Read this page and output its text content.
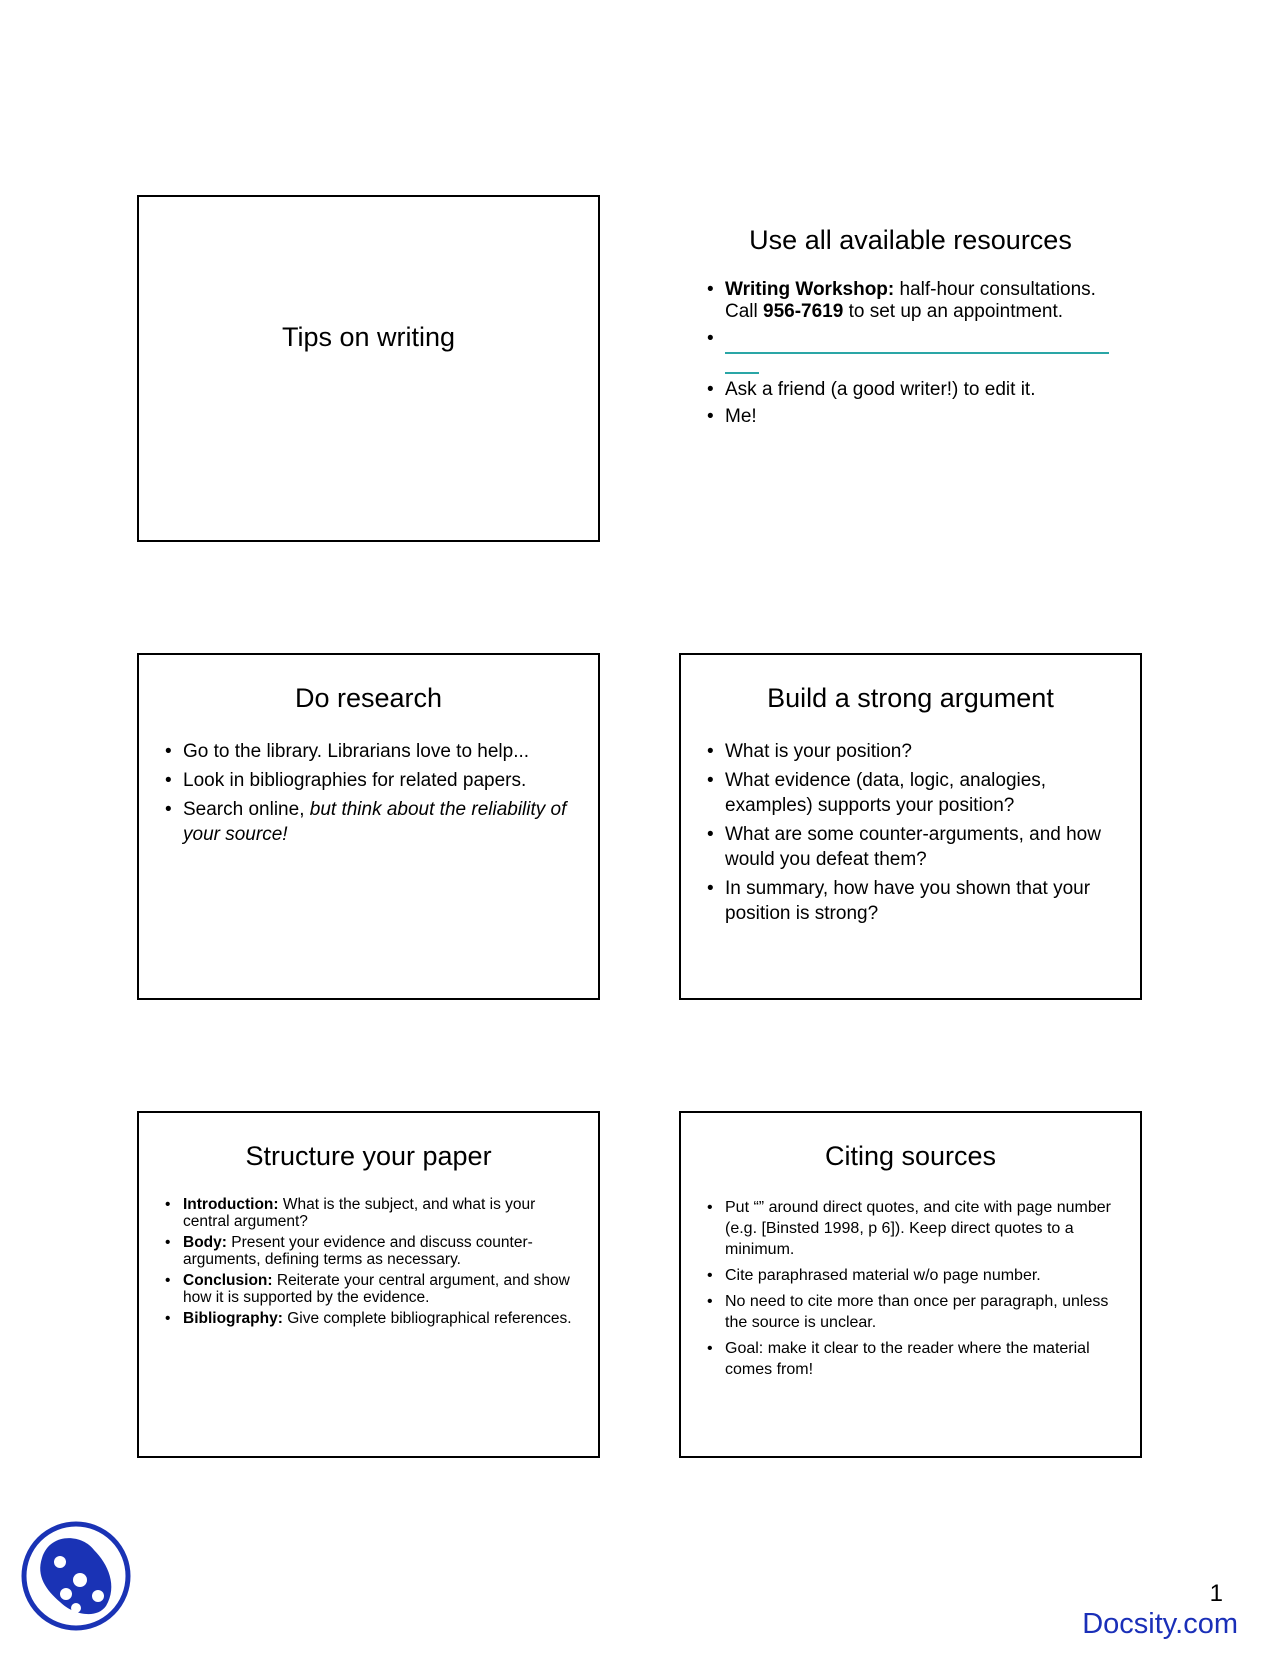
Tips on writing
Use all available resources
• Writing Workshop: half-hour consultations. Call 956-7619 to set up an appointment.
•
• Ask a friend (a good writer!) to edit it.
• Me!
Do research
• Go to the library. Librarians love to help...
• Look in bibliographies for related papers.
• Search online, but think about the reliability of your source!
Build a strong argument
• What is your position?
• What evidence (data, logic, analogies, examples) supports your position?
• What are some counter-arguments, and how would you defeat them?
• In summary, how have you shown that your position is strong?
Structure your paper
• Introduction: What is the subject, and what is your central argument?
• Body: Present your evidence and discuss counter-arguments, defining terms as necessary.
• Conclusion: Reiterate your central argument, and show how it is supported by the evidence.
• Bibliography: Give complete bibliographical references.
Citing sources
• Put “” around direct quotes, and cite with page number (e.g. [Binsted 1998, p 6]). Keep direct quotes to a minimum.
• Cite paraphrased material w/o page number.
• No need to cite more than once per paragraph, unless the source is unclear.
• Goal: make it clear to the reader where the material comes from!
1
Docsity.com
